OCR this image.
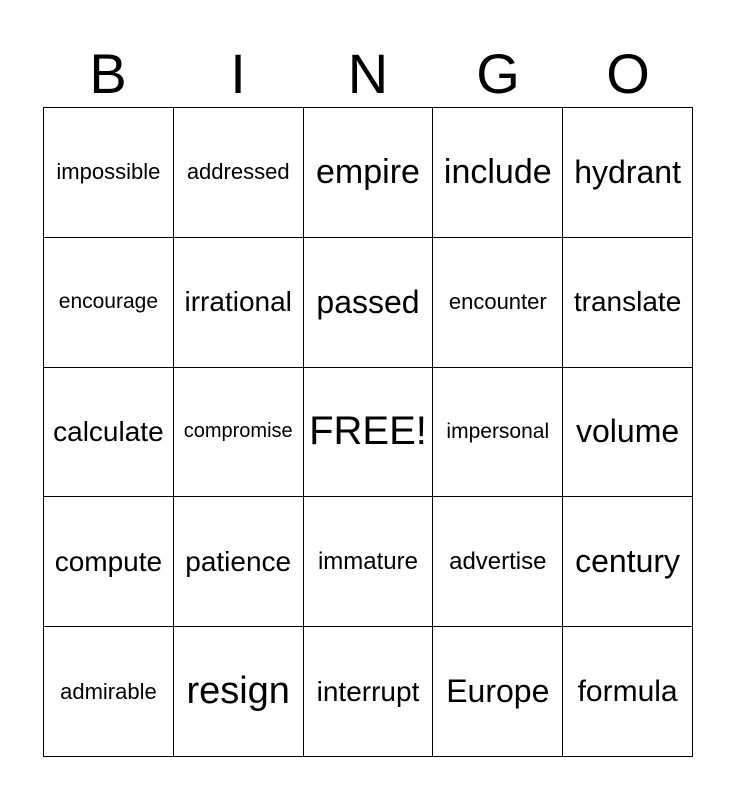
B	I	N	G	O
impossible	addressed empire include hydrant
encourage irrational passed	encounter translate
calculate	compromise FREE! impersonal volume
compute patience	immature	advertise century
admirable resign interrupt Europe formula
